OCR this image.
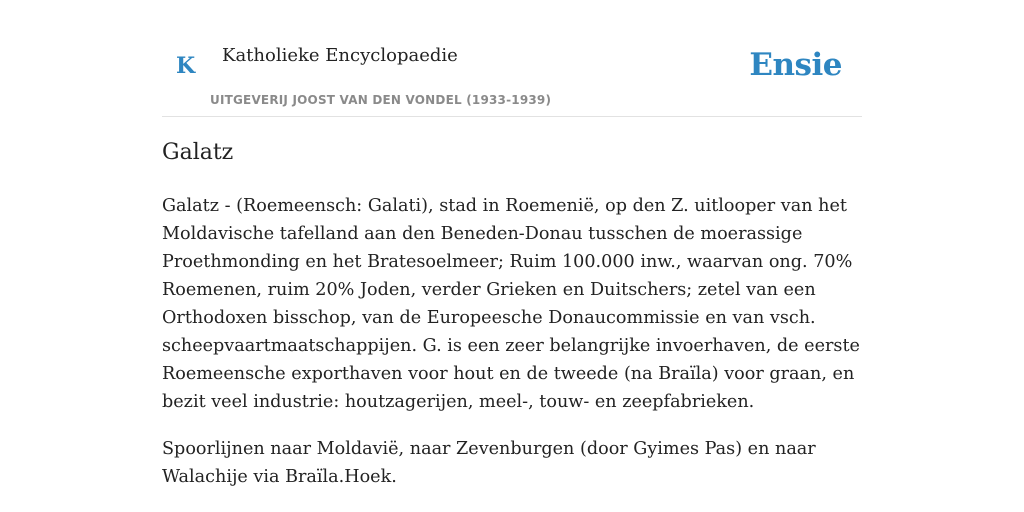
K Katholieke Encyclopaedie
UITGEVERIJ JOOST VAN DEN VONDEL (1933-1939)
Ensie
Galatz

Galatz - (Roemeensch: Galati), stad in Roemenië, op den Z. uitlooper van het Moldavische tafelland aan den Beneden-Donau tusschen de moerassige Proethmonding en het Bratesoelmeer; Ruim 100.000 inw., waarvan ong. 70% Roemenen, ruim 20% Joden, verder Grieken en Duitschers; zetel van een Orthodoxen bisschop, van de Europeesche Donaucommissie en van vsch. scheepvaartmaatschappijen. G. is een zeer belangrijke invoerhaven, de eerste Roemeensche exporthaven voor hout en de tweede (na Braïla) voor graan, en bezit veel industrie: houtzagerijen, meel-, touw- en zeepfabrieken.

Spoorlijnen naar Moldavië, naar Zevenburgen (door Gyimes Pas) en naar Walachije via Braïla.Hoek.
